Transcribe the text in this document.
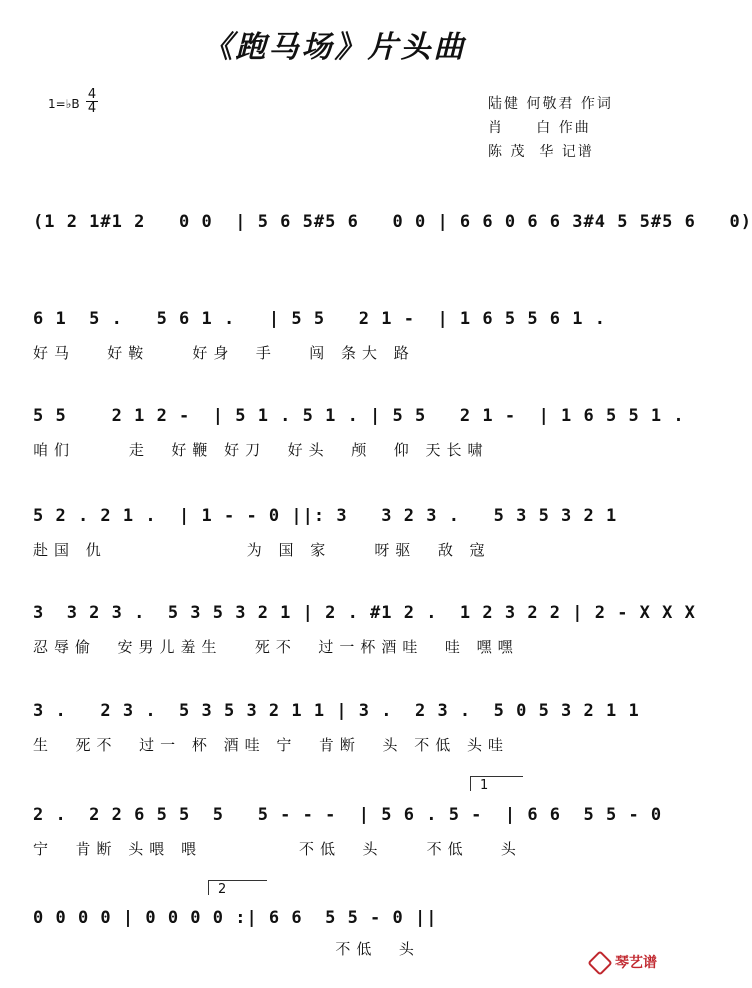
《跑马场》片头曲
1=♭B
4
4	陆健 何敬君 作词
肖     白 作曲
陈 茂  华 记谱
(1 2 1#1 2   0 0  | 5 6 5#5 6   0 0 | 6 6 0 6 6 3#4 5 5#5 6   0)
6 1  5 .   5 6 1 .   | 5 5   2 1 -  | 1 6 5 5 6 1 .
好马   好鞍    好身  手   闯 条大 路
5 5    2 1 2 -  | 5 1 . 5 1 . | 5 5   2 1 -  | 1 6 5 5 1 .
咱们     走  好鞭 好刀  好头  颅  仰 天长啸
5 2 . 2 1 .  | 1 - - 0 ||: 3   3 2 3 .   5 3 5 3 2 1
赴国 仇             为 国 家    呀驱  敌 寇
3  3 2 3 .  5 3 5 3 2 1 | 2 . #1 2 .  1 2 3 2 2 | 2 - X X X
忍辱偷  安男儿羞生   死不  过一杯酒哇  哇 嘿嘿
3 .   2 3 .  5 3 5 3 2 1 1 | 3 .  2 3 .  5 0 5 3 2 1 1
生  死不  过一 杯 酒哇 宁  肯断  头 不低 头哇
2 .  2 2 6 5 5  5   5 - - -  | 5 6 . 5 -  | 6 6  5 5 - 0
宁  肯断 头喂 喂         不低  头    不低   头
1
0 0 0 0 | 0 0 0 0 :| 6 6  5 5 - 0 ||
不低  头
2
琴艺谱
